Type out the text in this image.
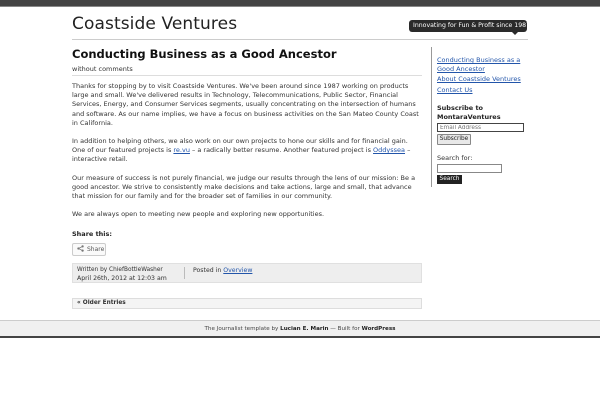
Coastside Ventures	Innovating for Fun & Profit since 1987
Conducting Business as a Good Ancestor
without comments

Thanks for stopping by to visit Coastside Ventures. We've been around since 1987 working on products large and small. We've delivered results in Technology, Telecommunications, Public Sector, Financial Services, Energy, and Consumer Services segments, usually concentrating on the intersection of humans and software. As our name implies, we have a focus on business activities on the San Mateo County Coast in California.

In addition to helping others, we also work on our own projects to hone our skills and for financial gain. One of our featured projects is re.vu – a radically better resume. Another featured project is Oddyssea – interactive retail.

Our measure of success is not purely financial, we judge our results through the lens of our mission: Be a good ancestor. We strive to consistently make decisions and take actions, large and small, that advance that mission for our family and for the broader set of families in our community.

We are always open to meeting new people and exploring new opportunities.

Share this:
Share
Written by ChiefBottleWasher
April 26th, 2012 at 12:03 am
Posted in Overview
« Older Entries
Conducting Business as a Good Ancestor
About Coastside Ventures
Contact Us
Subscribe to MontaraVentures
Email Address
Subscribe
Search for:
Search
The Journalist template by Lucian E. Marin — Built for WordPress
